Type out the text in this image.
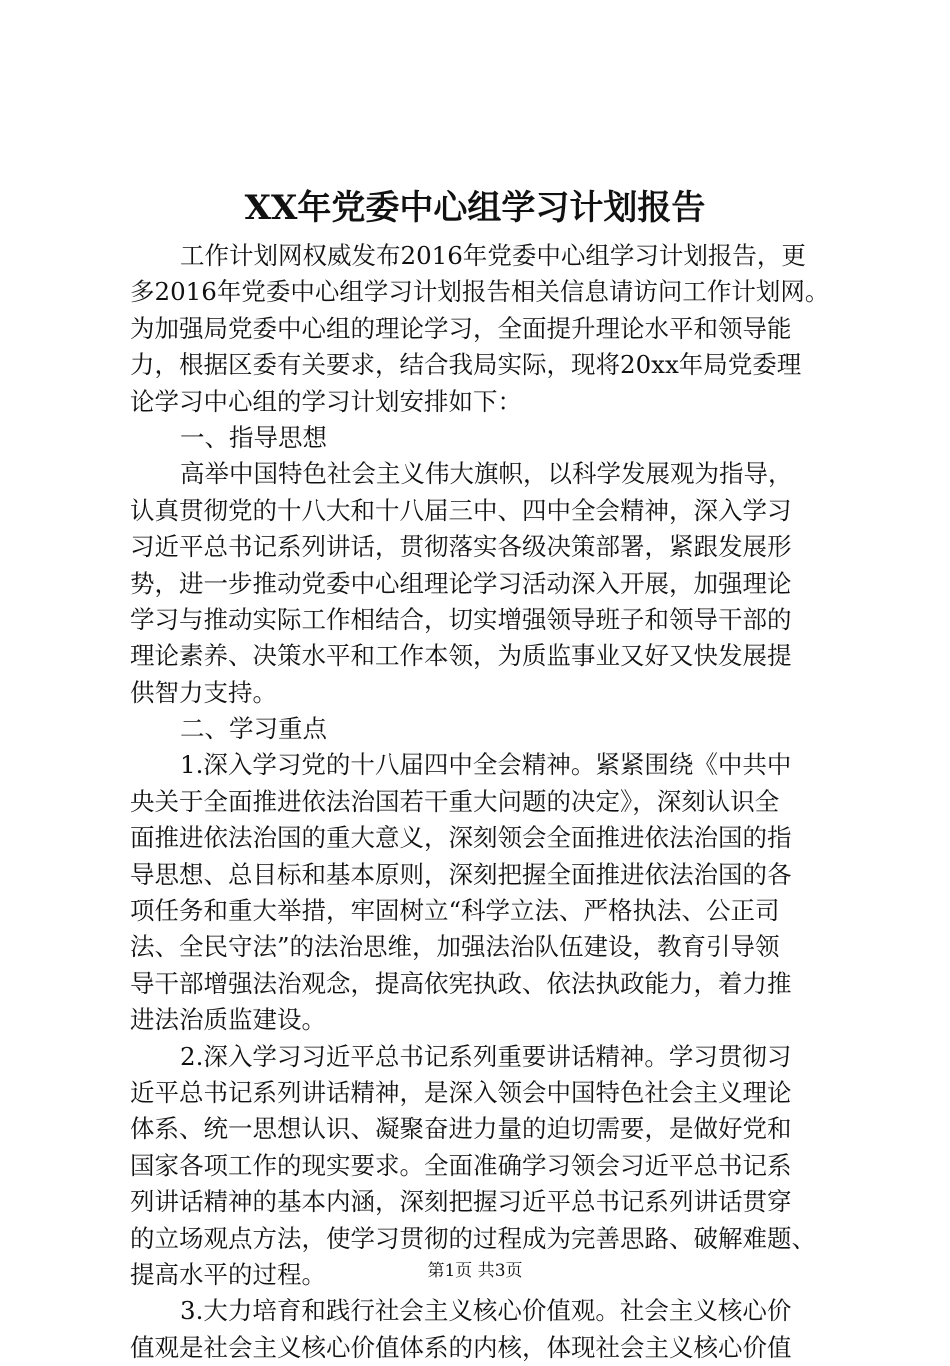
XX年党委中心组学习计划报告
工作计划网权威发布2016年党委中心组学习计划报告，更
多2016年党委中心组学习计划报告相关信息请访问工作计划网。
为加强局党委中心组的理论学习，全面提升理论水平和领导能
力，根据区委有关要求，结合我局实际，现将20xx年局党委理
论学习中心组的学习计划安排如下：
一、指导思想
高举中国特色社会主义伟大旗帜，以科学发展观为指导，
认真贯彻党的十八大和十八届三中、四中全会精神，深入学习
习近平总书记系列讲话，贯彻落实各级决策部署，紧跟发展形
势，进一步推动党委中心组理论学习活动深入开展，加强理论
学习与推动实际工作相结合，切实增强领导班子和领导干部的
理论素养、决策水平和工作本领，为质监事业又好又快发展提
供智力支持。
二、学习重点
1.深入学习党的十八届四中全会精神。紧紧围绕《中共中
央关于全面推进依法治国若干重大问题的决定》，深刻认识全
面推进依法治国的重大意义，深刻领会全面推进依法治国的指
导思想、总目标和基本原则，深刻把握全面推进依法治国的各
项任务和重大举措，牢固树立“科学立法、严格执法、公正司
法、全民守法”的法治思维，加强法治队伍建设，教育引导领
导干部增强法治观念，提高依宪执政、依法执政能力，着力推
进法治质监建设。
2.深入学习习近平总书记系列重要讲话精神。学习贯彻习
近平总书记系列讲话精神，是深入领会中国特色社会主义理论
体系、统一思想认识、凝聚奋进力量的迫切需要，是做好党和
国家各项工作的现实要求。全面准确学习领会习近平总书记系
列讲话精神的基本内涵，深刻把握习近平总书记系列讲话贯穿
的立场观点方法，使学习贯彻的过程成为完善思路、破解难题、
提高水平的过程。
3.大力培育和践行社会主义核心价值观。社会主义核心价
值观是社会主义核心价值体系的内核，体现社会主义核心价值
第1页 共3页
